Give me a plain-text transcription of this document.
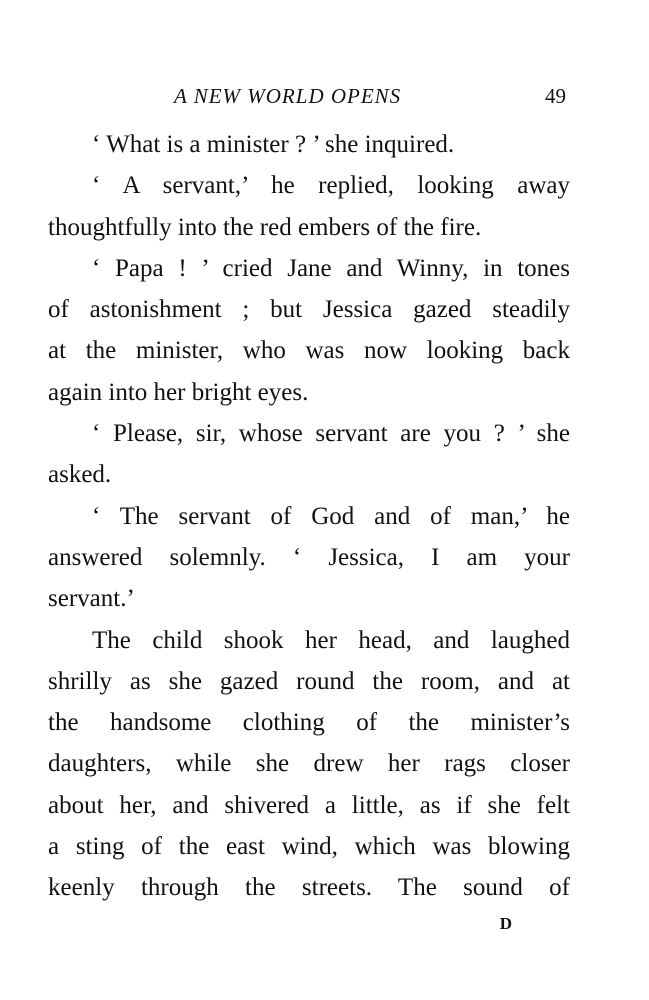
A NEW WORLD OPENS	49
‘ What is a minister ? ’ she inquired.
‘ A servant,’ he replied, looking away
thoughtfully into the red embers of the fire.
‘ Papa ! ’ cried Jane and Winny, in tones
of astonishment ; but Jessica gazed steadily
at the minister, who was now looking back
again into her bright eyes.
‘ Please, sir, whose servant are you ? ’ she
asked.
‘ The servant of God and of man,’ he
answered solemnly. ‘ Jessica, I am your
servant.’
The child shook her head, and laughed
shrilly as she gazed round the room, and at
the handsome clothing of the minister’s
daughters, while she drew her rags closer
about her, and shivered a little, as if she felt
a sting of the east wind, which was blowing
keenly through the streets. The sound of
D
